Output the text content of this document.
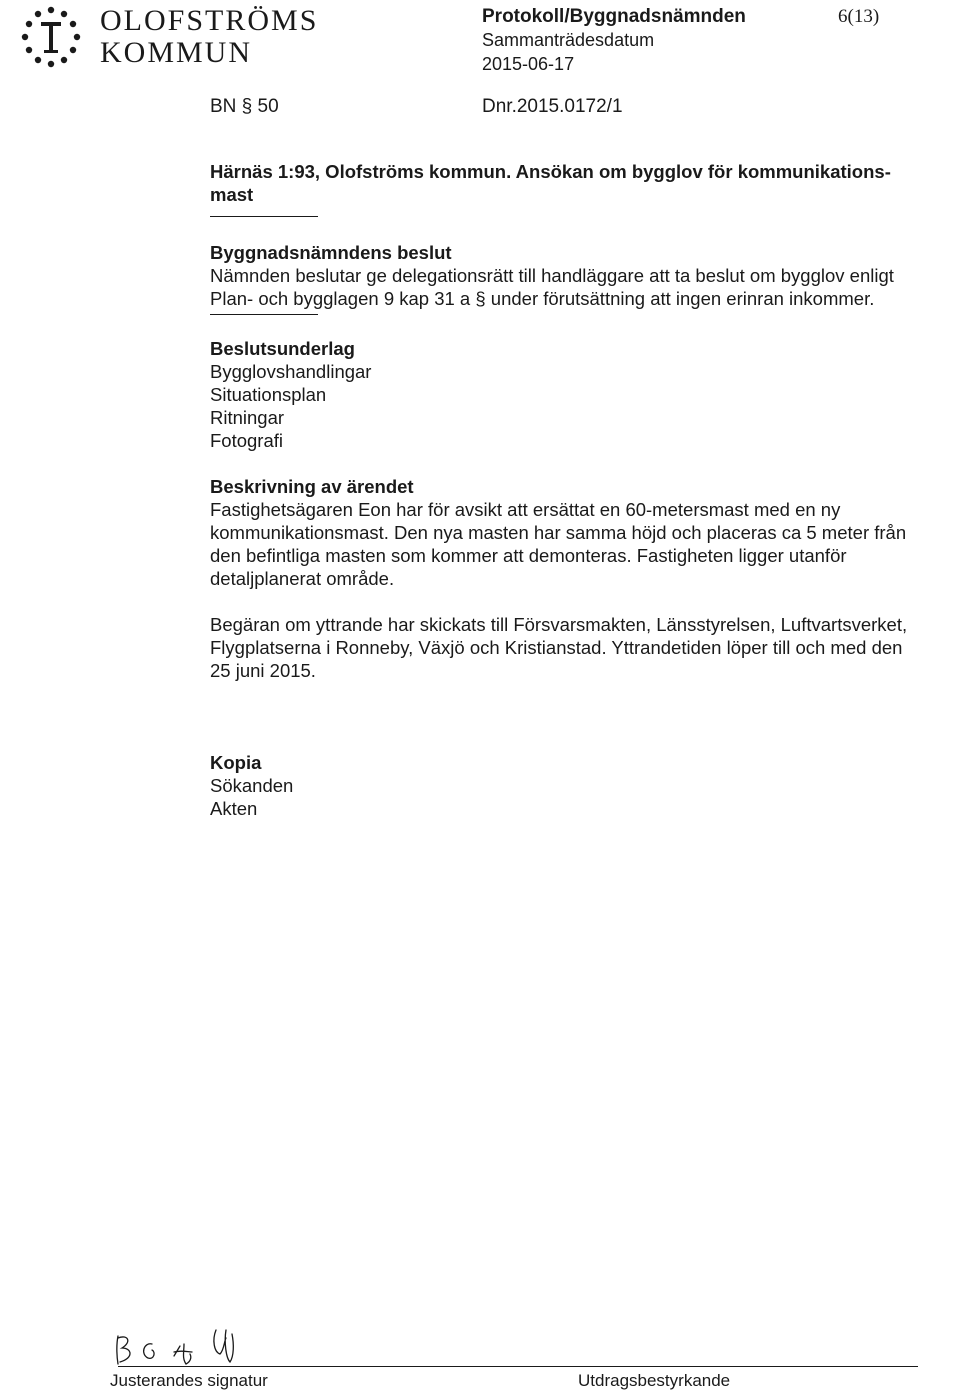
OLOFSTRÖMS
KOMMUN
Protokoll/Byggnadsnämnden	6(13)
Sammanträdesdatum
2015-06-17
BN § 50	Dnr.2015.0172/1

Härnäs 1:93, Olofströms kommun. Ansökan om bygglov för kommunikations-

mast

Byggnadsnämndens beslut

Nämnden beslutar ge delegationsrätt till handläggare att ta beslut om bygglov enligt

Plan- och bygglagen 9 kap 31 a § under förutsättning att ingen erinran inkommer.

Beslutsunderlag

Bygglovshandlingar

Situationsplan

Ritningar

Fotografi

Beskrivning av ärendet

Fastighetsägaren Eon har för avsikt att ersättat en 60-metersmast med en ny

kommunikationsmast. Den nya masten har samma höjd och placeras ca 5 meter från

den befintliga masten som kommer att demonteras. Fastigheten ligger utanför

detaljplanerat område.

Begäran om yttrande har skickats till Försvarsmakten, Länsstyrelsen, Luftvartsverket,

Flygplatserna i Ronneby, Växjö och Kristianstad. Yttrandetiden löper till och med den

25 juni 2015.

Kopia

Sökanden

Akten

Justerandes signatur	Utdragsbestyrkande
